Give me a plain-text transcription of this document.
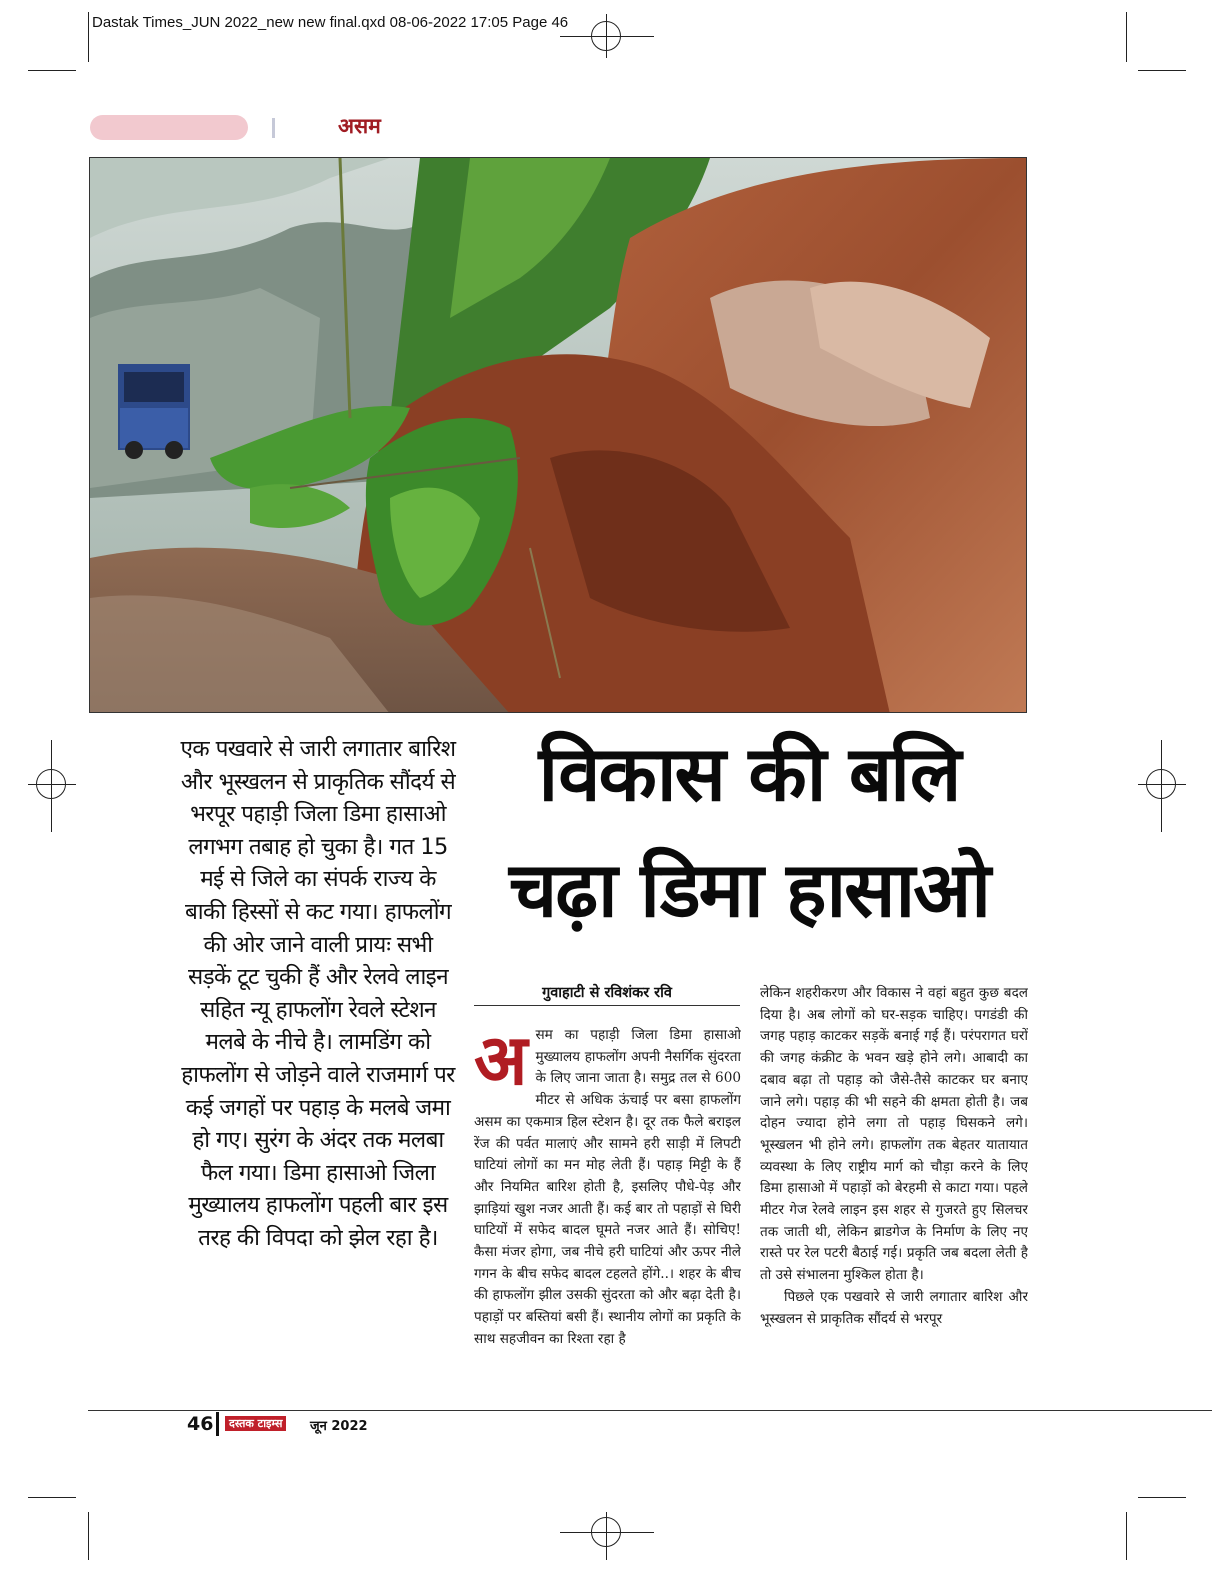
Dastak Times_JUN 2022_new new final.qxd 08-06-2022 17:05 Page 46
असम
एक पखवारे से जारी लगातार बारिश और भूस्खलन से प्राकृतिक सौंदर्य से भरपूर पहाड़ी जिला डिमा हासाओ लगभग तबाह हो चुका है। गत 15 मई से जिले का संपर्क राज्य के बाकी हिस्सों से कट गया। हाफलोंग की ओर जाने वाली प्रायः सभी सड़कें टूट चुकी हैं और रेलवे लाइन सहित न्यू हाफलोंग रेवले स्टेशन मलबे के नीचे है। लामडिंग को हाफलोंग से जोड़ने वाले राजमार्ग पर कई जगहों पर पहाड़ के मलबे जमा हो गए। सुरंग के अंदर तक मलबा फैल गया। डिमा हासाओ जिला मुख्यालय हाफलोंग पहली बार इस तरह की विपदा को झेल रहा है।
विकास की बलि
चढ़ा डिमा हासाओ
गुवाहाटी से रविशंकर रवि
अ सम का पहाड़ी जिला डिमा हासाओ मुख्यालय हाफलोंग अपनी नैसर्गिक सुंदरता के लिए जाना जाता है। समुद्र तल से 600 मीटर से अधिक ऊंचाई पर बसा हाफलोंग असम का एकमात्र हिल स्टेशन है। दूर तक फैले बराइल रेंज की पर्वत मालाएं और सामने हरी साड़ी में लिपटी घाटियां लोगों का मन मोह लेती हैं। पहाड़ मिट्टी के हैं और नियमित बारिश होती है, इसलिए पौधे-पेड़ और झाड़ियां खुश नजर आती हैं। कई बार तो पहाड़ों से घिरी घाटियों में सफेद बादल घूमते नजर आते हैं। सोचिए! कैसा मंजर होगा, जब नीचे हरी घाटियां और ऊपर नीले गगन के बीच सफेद बादल टहलते होंगे..। शहर के बीच की हाफलोंग झील उसकी सुंदरता को और बढ़ा देती है। पहाड़ों पर बस्तियां बसी हैं। स्थानीय लोगों का प्रकृति के साथ सहजीवन का रिश्ता रहा है

लेकिन शहरीकरण और विकास ने वहां बहुत कुछ बदल दिया है। अब लोगों को घर-सड़क चाहिए। पगडंडी की जगह पहाड़ काटकर सड़कें बनाई गई हैं। परंपरागत घरों की जगह कंक्रीट के भवन खड़े होने लगे। आबादी का दबाव बढ़ा तो पहाड़ को जैसे-तैसे काटकर घर बनाए जाने लगे। पहाड़ की भी सहने की क्षमता होती है। जब दोहन ज्यादा होने लगा तो पहाड़ घिसकने लगे। भूस्खलन भी होने लगे। हाफलोंग तक बेहतर यातायात व्यवस्था के लिए राष्ट्रीय मार्ग को चौड़ा करने के लिए डिमा हासाओ में पहाड़ों को बेरहमी से काटा गया। पहले मीटर गेज रेलवे लाइन इस शहर से गुजरते हुए सिलचर तक जाती थी, लेकिन ब्राडगेज के निर्माण के लिए नए रास्ते पर रेल पटरी बैठाई गई। प्रकृति जब बदला लेती है तो उसे संभालना मुश्किल होता है।

पिछले एक पखवारे से जारी लगातार बारिश और भूस्खलन से प्राकृतिक सौंदर्य से भरपूर

46	दस्तक टाइम्स	जून 2022
